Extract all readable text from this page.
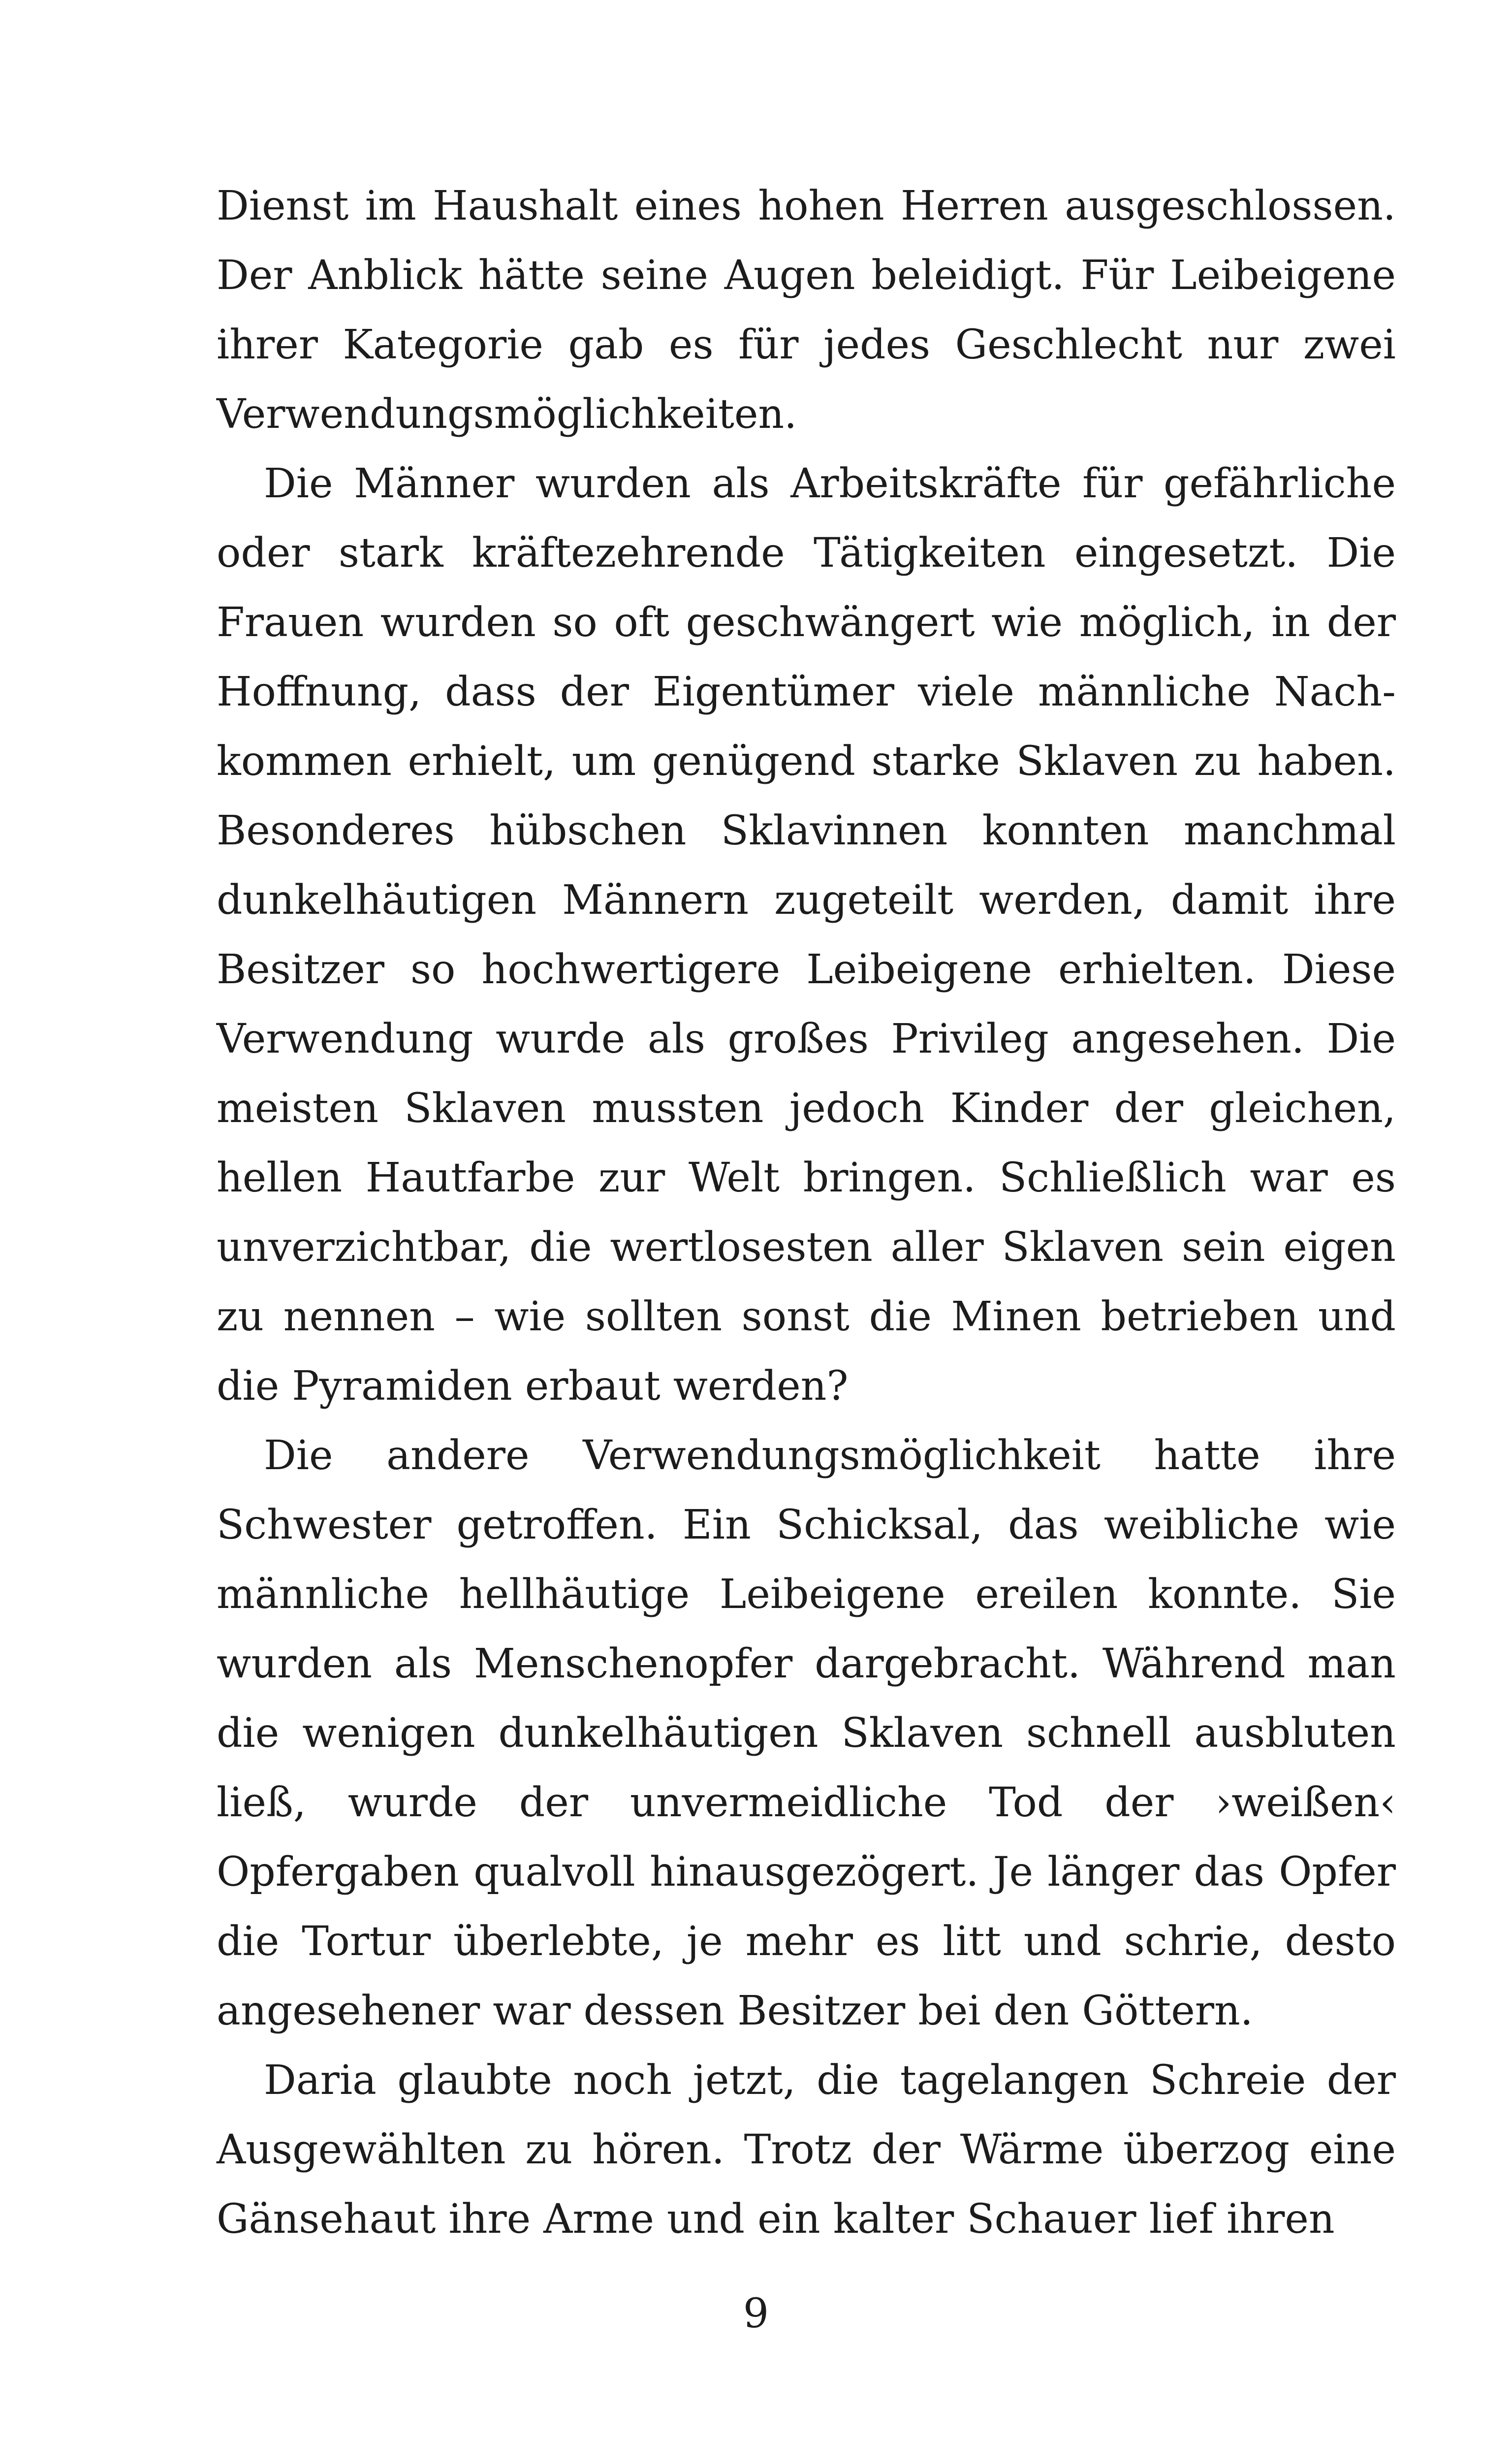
Dienst im Haushalt eines hohen Herren ausgeschlossen. Der Anblick hätte seine Augen beleidigt. Für Leibeigene ihrer Kategorie gab es für jedes Geschlecht nur zwei Verwendungsmöglichkeiten.

Die Männer wurden als Arbeitskräfte für gefährliche oder stark kräftezehrende Tätigkeiten eingesetzt. Die Frauen wurden so oft geschwängert wie möglich, in der Hoffnung, dass der Eigentümer viele männliche Nachkommen erhielt, um genügend starke Sklaven zu haben. Besonderes hübschen Sklavinnen konnten manchmal dunkelhäutigen Männern zugeteilt werden, damit ihre Besitzer so hochwertigere Leibeigene erhielten. Diese Verwendung wurde als großes Privileg angesehen. Die meisten Sklaven mussten jedoch Kinder der gleichen, hellen Hautfarbe zur Welt bringen. Schließlich war es unverzichtbar, die wertlosesten aller Sklaven sein eigen zu nennen – wie sollten sonst die Minen betrieben und die Pyramiden erbaut werden?

Die andere Verwendungsmöglichkeit hatte ihre Schwester getroffen. Ein Schicksal, das weibliche wie männliche hellhäutige Leibeigene ereilen konnte. Sie wurden als Menschenopfer dargebracht. Während man die wenigen dunkelhäutigen Sklaven schnell ausbluten ließ, wurde der unvermeidliche Tod der ›weißen‹ Opfergaben qualvoll hinausgezögert. Je länger das Opfer die Tortur überlebte, je mehr es litt und schrie, desto angesehener war dessen Besitzer bei den Göttern.

Daria glaubte noch jetzt, die tagelangen Schreie der Ausgewählten zu hören. Trotz der Wärme überzog eine Gänsehaut ihre Arme und ein kalter Schauer lief ihren

9
